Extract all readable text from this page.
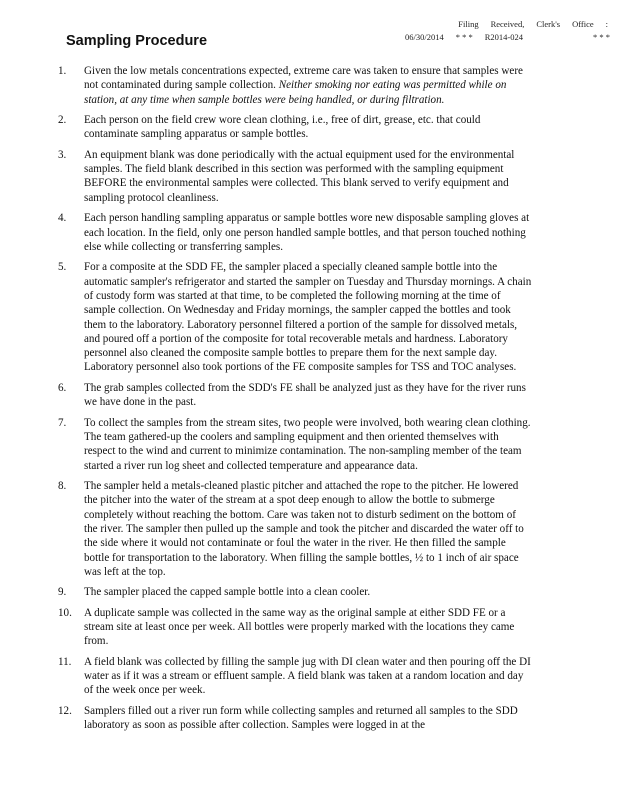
Filing Received, Clerk's Office :
06/30/2014 * * * R2014-024	* * *
Sampling Procedure
1.	Given the low metals concentrations expected, extreme care was taken to ensure that samples were not contaminated during sample collection. Neither smoking nor eating was permitted while on station, at any time when sample bottles were being handled, or during filtration.
2.	Each person on the field crew wore clean clothing, i.e., free of dirt, grease, etc. that could contaminate sampling apparatus or sample bottles.
3.	An equipment blank was done periodically with the actual equipment used for the environmental samples. The field blank described in this section was performed with the sampling equipment BEFORE the environmental samples were collected. This blank served to verify equipment and sampling protocol cleanliness.
4.	Each person handling sampling apparatus or sample bottles wore new disposable sampling gloves at each location. In the field, only one person handled sample bottles, and that person touched nothing else while collecting or transferring samples.
5.	For a composite at the SDD FE, the sampler placed a specially cleaned sample bottle into the automatic sampler's refrigerator and started the sampler on Tuesday and Thursday mornings. A chain of custody form was started at that time, to be completed the following morning at the time of sample collection. On Wednesday and Friday mornings, the sampler capped the bottles and took them to the laboratory. Laboratory personnel filtered a portion of the sample for dissolved metals, and poured off a portion of the composite for total recoverable metals and hardness. Laboratory personnel also cleaned the composite sample bottles to prepare them for the next sample day. Laboratory personnel also took portions of the FE composite samples for TSS and TOC analyses.
6.	The grab samples collected from the SDD's FE shall be analyzed just as they have for the river runs we have done in the past.
7.	To collect the samples from the stream sites, two people were involved, both wearing clean clothing. The team gathered-up the coolers and sampling equipment and then oriented themselves with respect to the wind and current to minimize contamination. The non-sampling member of the team started a river run log sheet and collected temperature and appearance data.
8.	The sampler held a metals-cleaned plastic pitcher and attached the rope to the pitcher. He lowered the pitcher into the water of the stream at a spot deep enough to allow the bottle to submerge completely without reaching the bottom. Care was taken not to disturb sediment on the bottom of the river. The sampler then pulled up the sample and took the pitcher and discarded the water off to the side where it would not contaminate or foul the water in the river. He then filled the sample bottle for transportation to the laboratory. When filling the sample bottles, ½ to 1 inch of air space was left at the top.
9.	The sampler placed the capped sample bottle into a clean cooler.
10.	A duplicate sample was collected in the same way as the original sample at either SDD FE or a stream site at least once per week. All bottles were properly marked with the locations they came from.
11.	A field blank was collected by filling the sample jug with DI clean water and then pouring off the DI water as if it was a stream or effluent sample. A field blank was taken at a random location and day of the week once per week.
12.	Samplers filled out a river run form while collecting samples and returned all samples to the SDD laboratory as soon as possible after collection. Samples were logged in at the
